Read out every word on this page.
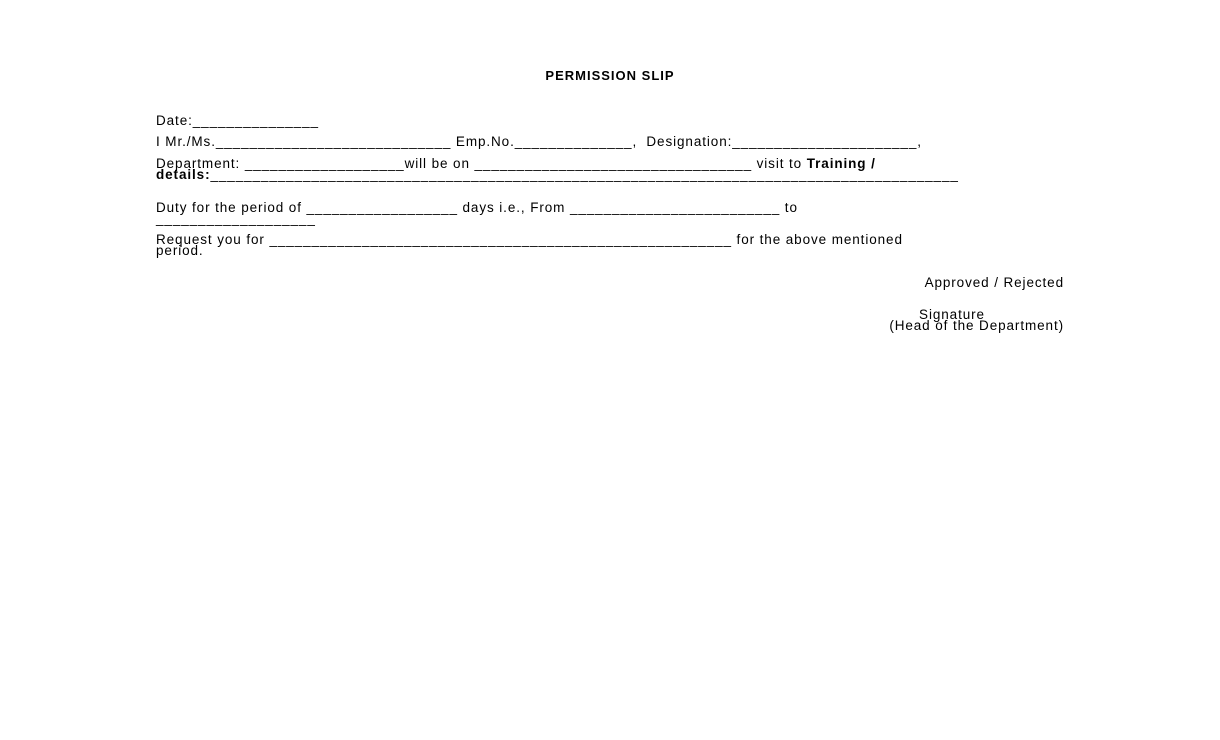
PERMISSION SLIP
Date:_______________
I Mr./Ms.____________________________ Emp.No.______________,  Designation:______________________,
Department: ___________________will be on _________________________________ visit to Training /
details:_________________________________________________________________________________________
Duty for the period of __________________ days i.e., From _________________________ to
___________________
Request you for _______________________________________________________ for the above mentioned
period.
Approved / Rejected
Signature
(Head of the Department)
